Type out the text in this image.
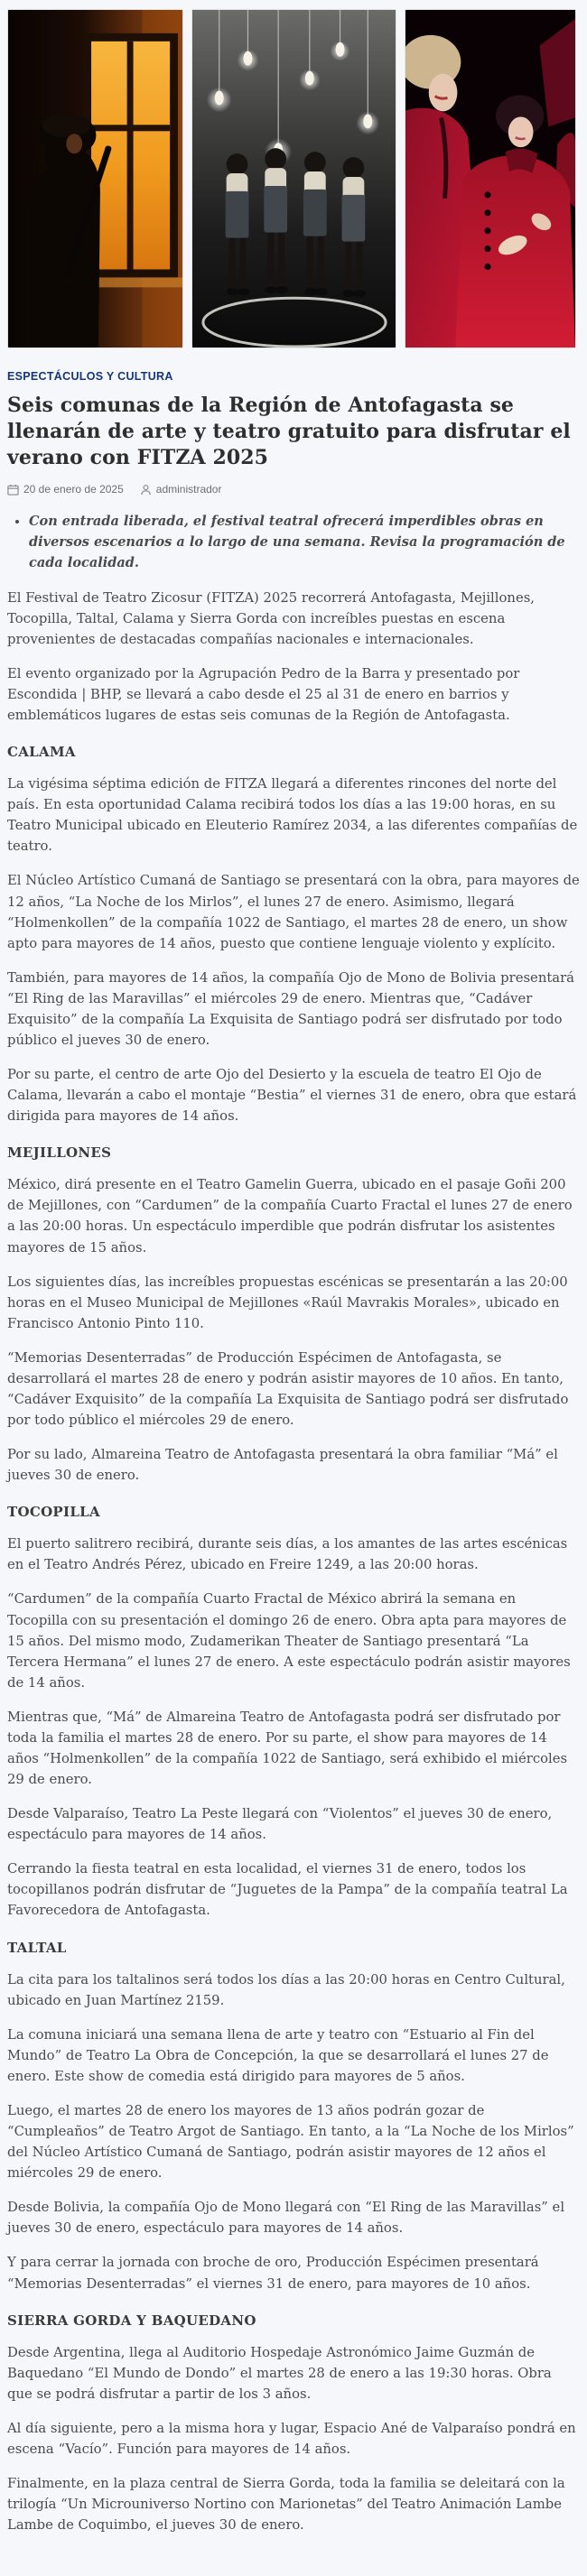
ESPECTÁCULOS Y CULTURA
Seis comunas de la Región de Antofagasta se llenarán de arte y teatro gratuito para disfrutar el verano con FITZA 2025
20 de enero de 2025	administrador
• Con entrada liberada, el festival teatral ofrecerá imperdibles obras en diversos escenarios a lo largo de una semana. Revisa la programación de cada localidad.

El Festival de Teatro Zicosur (FITZA) 2025 recorrerá Antofagasta, Mejillones, Tocopilla, Taltal, Calama y Sierra Gorda con increíbles puestas en escena provenientes de destacadas compañías nacionales e internacionales.

El evento organizado por la Agrupación Pedro de la Barra y presentado por Escondida | BHP, se llevará a cabo desde el 25 al 31 de enero en barrios y emblemáticos lugares de estas seis comunas de la Región de Antofagasta.

CALAMA

La vigésima séptima edición de FITZA llegará a diferentes rincones del norte del país. En esta oportunidad Calama recibirá todos los días a las 19:00 horas, en su Teatro Municipal ubicado en Eleuterio Ramírez 2034, a las diferentes compañías de teatro.

El Núcleo Artístico Cumaná de Santiago se presentará con la obra, para mayores de 12 años, “La Noche de los Mirlos”, el lunes 27 de enero. Asimismo, llegará “Holmenkollen” de la compañía 1022 de Santiago, el martes 28 de enero, un show apto para mayores de 14 años, puesto que contiene lenguaje violento y explícito.

También, para mayores de 14 años, la compañía Ojo de Mono de Bolivia presentará “El Ring de las Maravillas” el miércoles 29 de enero. Mientras que, “Cadáver Exquisito” de la compañía La Exquisita de Santiago podrá ser disfrutado por todo público el jueves 30 de enero.

Por su parte, el centro de arte Ojo del Desierto y la escuela de teatro El Ojo de Calama, llevarán a cabo el montaje “Bestia” el viernes 31 de enero, obra que estará dirigida para mayores de 14 años.

MEJILLONES

México, dirá presente en el Teatro Gamelin Guerra, ubicado en el pasaje Goñi 200 de Mejillones, con “Cardumen” de la compañía Cuarto Fractal el lunes 27 de enero a las 20:00 horas. Un espectáculo imperdible que podrán disfrutar los asistentes mayores de 15 años.

Los siguientes días, las increíbles propuestas escénicas se presentarán a las 20:00 horas en el Museo Municipal de Mejillones «Raúl Mavrakis Morales», ubicado en Francisco Antonio Pinto 110.

“Memorias Desenterradas” de Producción Espécimen de Antofagasta, se desarrollará el martes 28 de enero y podrán asistir mayores de 10 años. En tanto, “Cadáver Exquisito” de la compañía La Exquisita de Santiago podrá ser disfrutado por todo público el miércoles 29 de enero.

Por su lado, Almareina Teatro de Antofagasta presentará la obra familiar “Má” el jueves 30 de enero.

TOCOPILLA

El puerto salitrero recibirá, durante seis días, a los amantes de las artes escénicas en el Teatro Andrés Pérez, ubicado en Freire 1249, a las 20:00 horas.

“Cardumen” de la compañía Cuarto Fractal de México abrirá la semana en Tocopilla con su presentación el domingo 26 de enero. Obra apta para mayores de 15 años. Del mismo modo, Zudamerikan Theater de Santiago presentará “La Tercera Hermana” el lunes 27 de enero. A este espectáculo podrán asistir mayores de 14 años.

Mientras que, “Má” de Almareina Teatro de Antofagasta podrá ser disfrutado por toda la familia el martes 28 de enero. Por su parte, el show para mayores de 14 años “Holmenkollen” de la compañía 1022 de Santiago, será exhibido el miércoles 29 de enero.

Desde Valparaíso, Teatro La Peste llegará con “Violentos” el jueves 30 de enero, espectáculo para mayores de 14 años.

Cerrando la fiesta teatral en esta localidad, el viernes 31 de enero, todos los tocopillanos podrán disfrutar de “Juguetes de la Pampa” de la compañía teatral La Favorecedora de Antofagasta.

TALTAL

La cita para los taltalinos será todos los días a las 20:00 horas en Centro Cultural, ubicado en Juan Martínez 2159.

La comuna iniciará una semana llena de arte y teatro con “Estuario al Fin del Mundo” de Teatro La Obra de Concepción, la que se desarrollará el lunes 27 de enero. Este show de comedia está dirigido para mayores de 5 años.

Luego, el martes 28 de enero los mayores de 13 años podrán gozar de “Cumpleaños” de Teatro Argot de Santiago. En tanto, a la “La Noche de los Mirlos” del Núcleo Artístico Cumaná de Santiago, podrán asistir mayores de 12 años el miércoles 29 de enero.

Desde Bolivia, la compañía Ojo de Mono llegará con “El Ring de las Maravillas” el jueves 30 de enero, espectáculo para mayores de 14 años.

Y para cerrar la jornada con broche de oro, Producción Espécimen presentará “Memorias Desenterradas” el viernes 31 de enero, para mayores de 10 años.

SIERRA GORDA Y BAQUEDANO

Desde Argentina, llega al Auditorio Hospedaje Astronómico Jaime Guzmán de Baquedano “El Mundo de Dondo” el martes 28 de enero a las 19:30 horas. Obra que se podrá disfrutar a partir de los 3 años.

Al día siguiente, pero a la misma hora y lugar, Espacio Ané de Valparaíso pondrá en escena “Vacío”. Función para mayores de 14 años.

Finalmente, en la plaza central de Sierra Gorda, toda la familia se deleitará con la trilogía “Un Microuniverso Nortino con Marionetas” del Teatro Animación Lambe Lambe de Coquimbo, el jueves 30 de enero.
